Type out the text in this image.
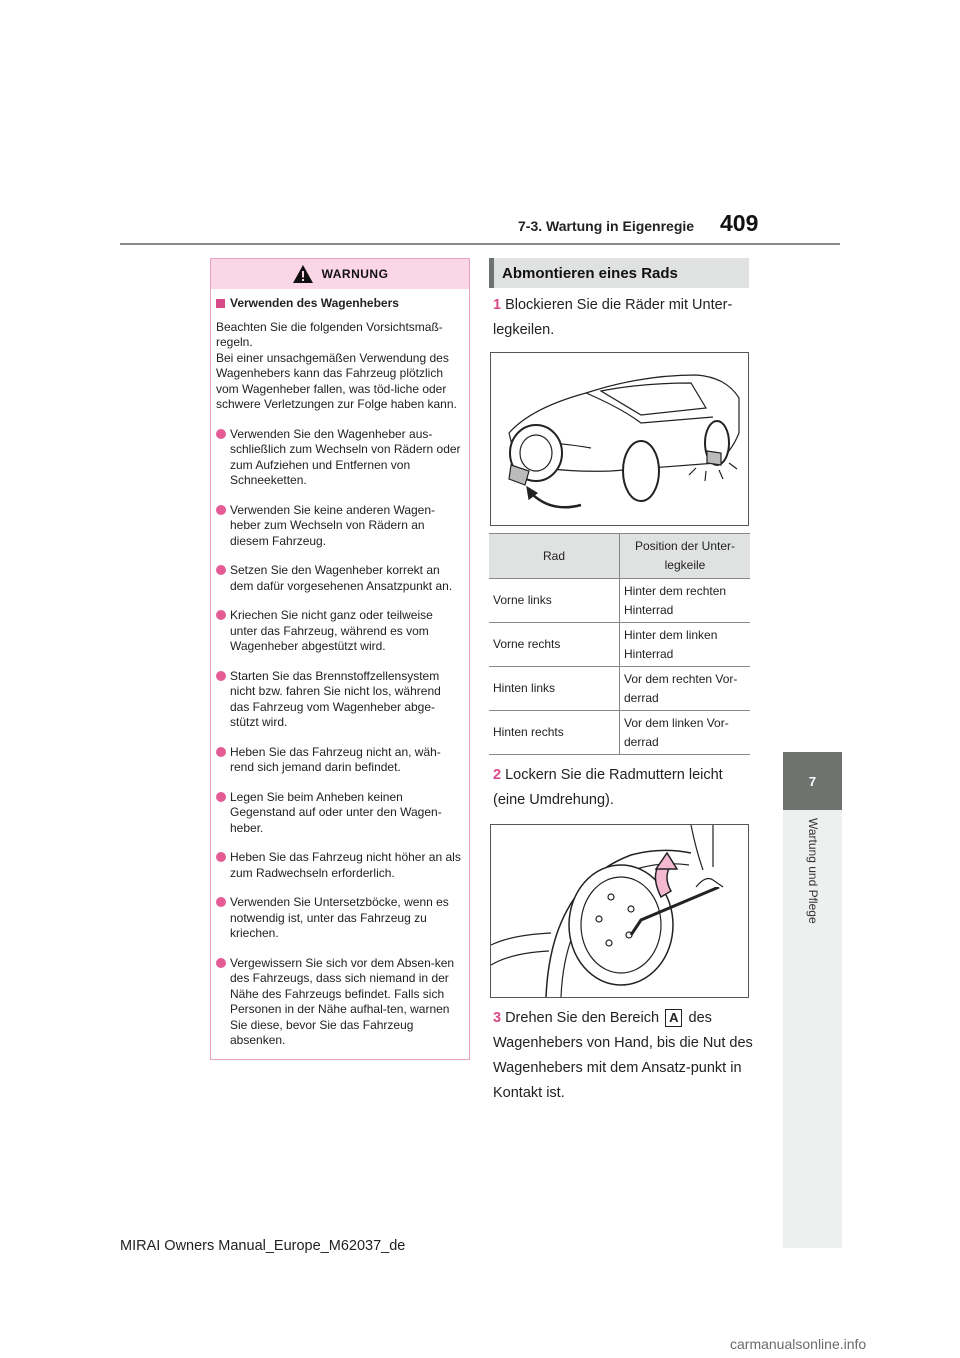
7-3. Wartung in Eigenregie 409
7
Wartung und Pflege
WARNUNG
Verwenden des Wagenhebers
Beachten Sie die folgenden Vorsichtsmaß-regeln.
Bei einer unsachgemäßen Verwendung des Wagenhebers kann das Fahrzeug plötzlich vom Wagenheber fallen, was töd-liche oder schwere Verletzungen zur Folge haben kann.
Verwenden Sie den Wagenheber aus-schließlich zum Wechseln von Rädern oder zum Aufziehen und Entfernen von Schneeketten.
Verwenden Sie keine anderen Wagen-heber zum Wechseln von Rädern an diesem Fahrzeug.
Setzen Sie den Wagenheber korrekt an dem dafür vorgesehenen Ansatzpunkt an.
Kriechen Sie nicht ganz oder teilweise unter das Fahrzeug, während es vom Wagenheber abgestützt wird.
Starten Sie das Brennstoffzellensystem nicht bzw. fahren Sie nicht los, während das Fahrzeug vom Wagenheber abge-stützt wird.
Heben Sie das Fahrzeug nicht an, wäh-rend sich jemand darin befindet.
Legen Sie beim Anheben keinen Gegenstand auf oder unter den Wagen-heber.
Heben Sie das Fahrzeug nicht höher an als zum Radwechseln erforderlich.
Verwenden Sie Untersetzböcke, wenn es notwendig ist, unter das Fahrzeug zu kriechen.
Vergewissern Sie sich vor dem Absen-ken des Fahrzeugs, dass sich niemand in der Nähe des Fahrzeugs befindet. Falls sich Personen in der Nähe aufhal-ten, warnen Sie diese, bevor Sie das Fahrzeug absenken.
Abmontieren eines Rads
1 Blockieren Sie die Räder mit Unter-legkeilen.
Rad	Position der Unter-legkeile
Vorne links	Hinter dem rechten Hinterrad
Vorne rechts	Hinter dem linken Hinterrad
Hinten links	Vor dem rechten Vor-derrad
Hinten rechts	Vor dem linken Vor-derrad
2 Lockern Sie die Radmuttern leicht (eine Umdrehung).
3 Drehen Sie den Bereich A des Wagenhebers von Hand, bis die Nut des Wagenhebers mit dem Ansatz-punkt in Kontakt ist.
MIRAI Owners Manual_Europe_M62037_de
carmanualsonline.info
